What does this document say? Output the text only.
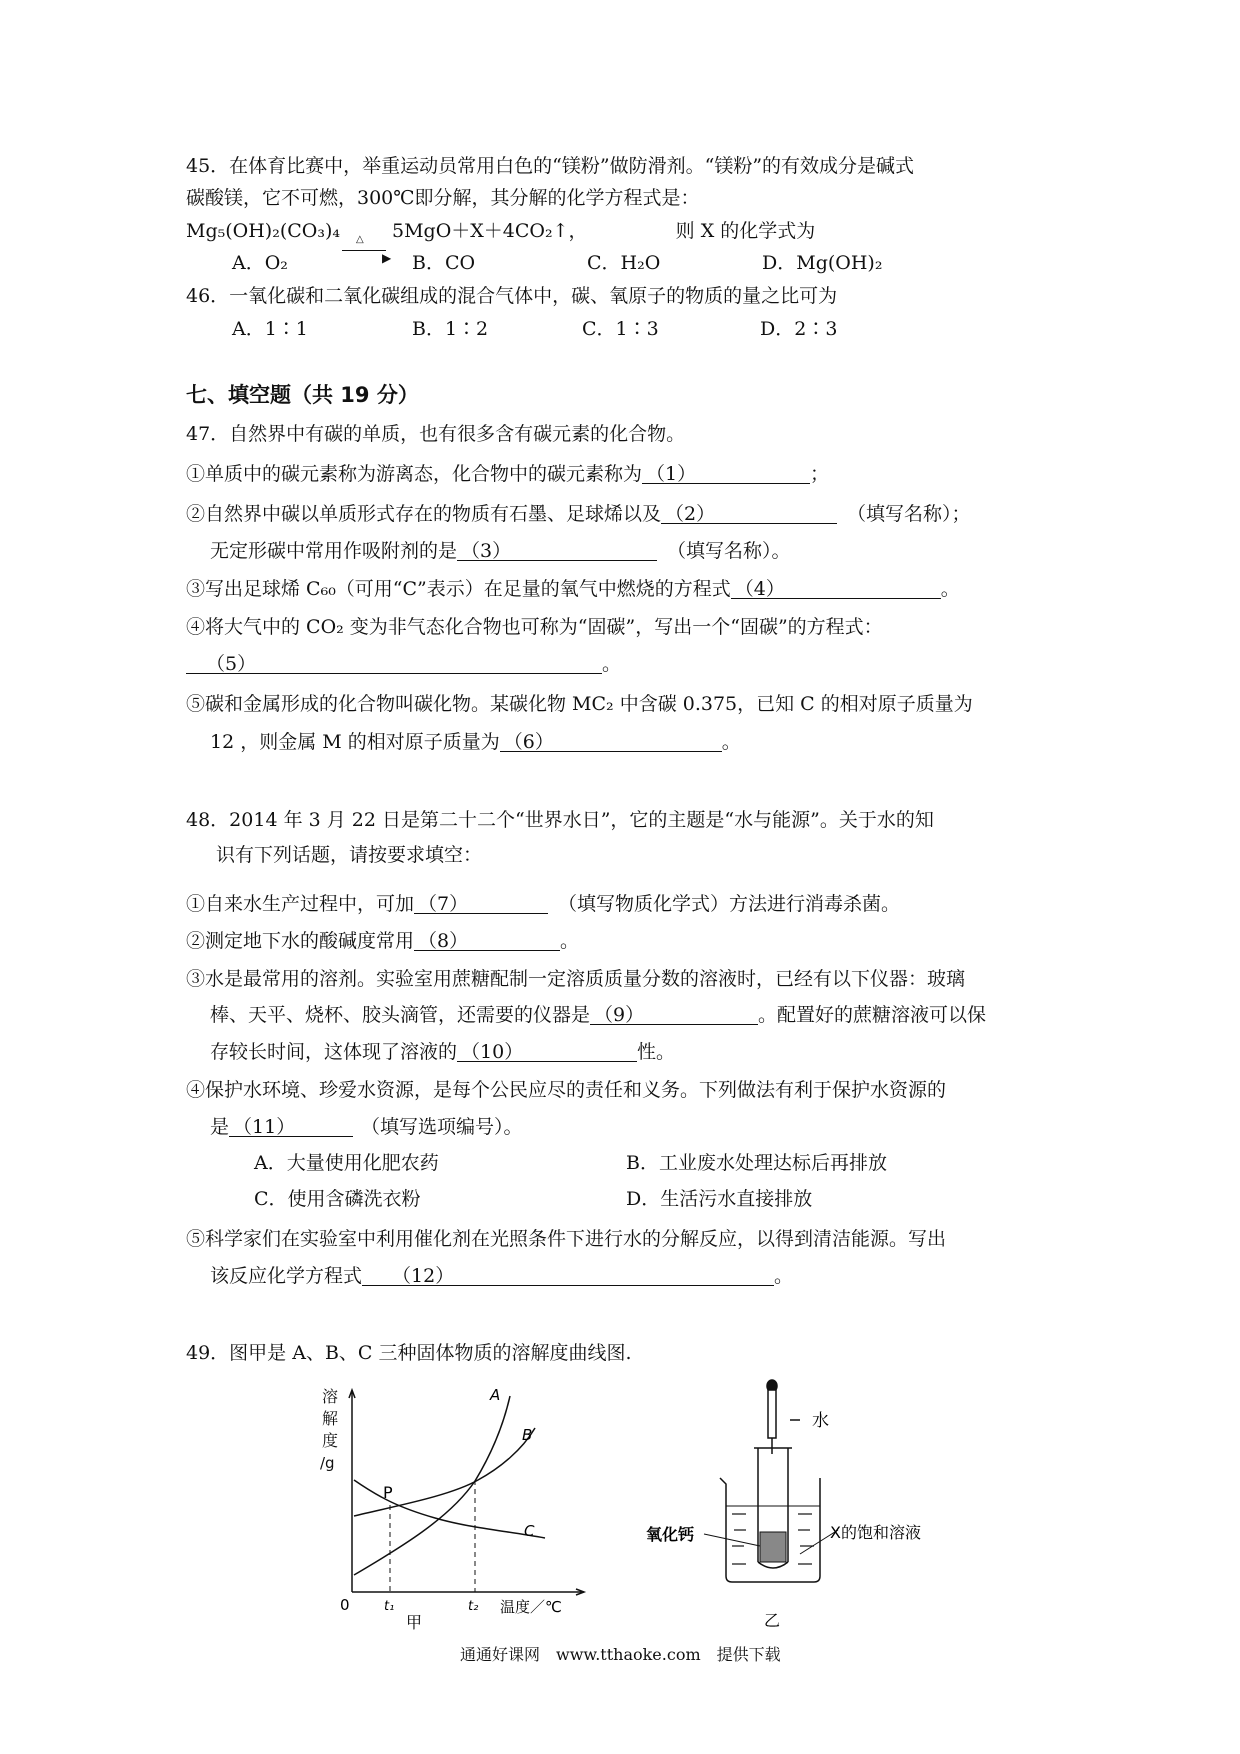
45．在体育比赛中，举重运动员常用白色的“镁粉”做防滑剂。“镁粉”的有效成分是碱式
碳酸镁，它不可燃，300℃即分解，其分解的化学方程式是：
Mg₅(OH)₂(CO₃)₄ △
▶
5MgO＋X＋4CO₂↑，	则 X 的化学式为
A．O₂	B．CO	C．H₂O	D．Mg(OH)₂
46．一氧化碳和二氧化碳组成的混合气体中，碳、氧原子的物质的量之比可为
A．1∶1	B．1∶2	C．1∶3	D．2∶3
七、填空题（共 19 分）
47．自然界中有碳的单质，也有很多含有碳元素的化合物。
①单质中的碳元素称为游离态，化合物中的碳元素称为 （1）	；
②自然界中碳以单质形式存在的物质有石墨、足球烯以及 （2）	（填写名称）；
无定形碳中常用作吸附剂的是 （3）	（填写名称）。
③写出足球烯 C₆₀（可用“C”表示）在足量的氧气中燃烧的方程式 （4）	。
④将大气中的 CO₂ 变为非气态化合物也可称为“固碳”，写出一个“固碳”的方程式：
（5）	。
⑤碳和金属形成的化合物叫碳化物。某碳化物 MC₂ 中含碳 0.375，已知 C 的相对原子质量为
12 ，则金属 M 的相对原子质量为 （6）	。
48．2014 年 3 月 22 日是第二十二个“世界水日”，它的主题是“水与能源”。关于水的知
识有下列话题，请按要求填空：
①自来水生产过程中，可加 （7）	（填写物质化学式）方法进行消毒杀菌。
②测定地下水的酸碱度常用 （8）	。
③水是最常用的溶剂。实验室用蔗糖配制一定溶质质量分数的溶液时，已经有以下仪器：玻璃
棒、天平、烧杯、胶头滴管，还需要的仪器是 （9）	。配置好的蔗糖溶液可以保
存较长时间，这体现了溶液的 （10）	性。
④保护水环境、珍爱水资源，是每个公民应尽的责任和义务。下列做法有利于保护水资源的
是 （11）	（填写选项编号）。
A．大量使用化肥农药	B．工业废水处理达标后再排放
C．使用含磷洗衣粉	D．生活污水直接排放
⑤科学家们在实验室中利用催化剂在光照条件下进行水的分解反应，以得到清洁能源。写出
该反应化学方程式 （12）	。
49．图甲是 A、B、C 三种固体物质的溶解度曲线图.
溶
解
度
/g
0	t₁	t₂ 温度／℃
A
B
C
P
甲
水
氧化钙	X的饱和溶液
乙
通通好课网　www.tthaoke.com　提供下载
